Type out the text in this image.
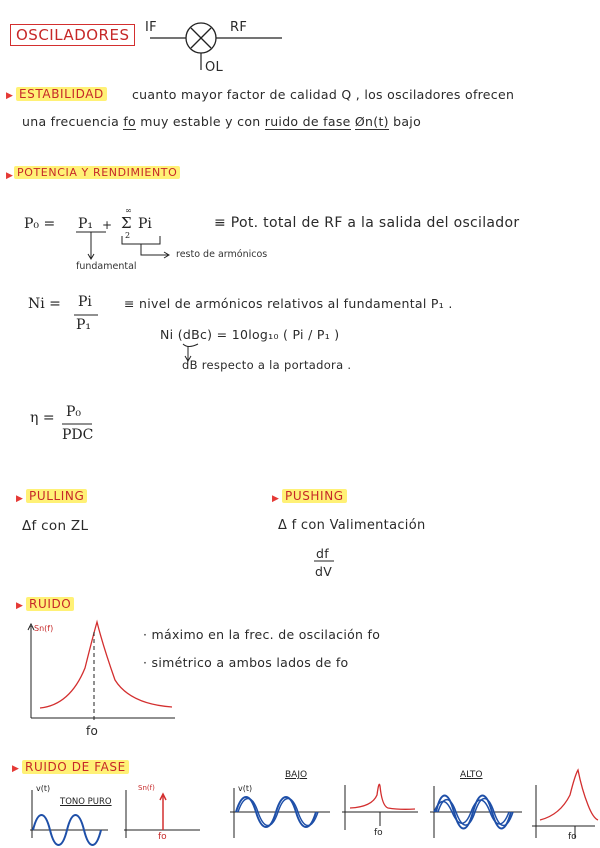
OSCILADORES	IF	RF
OL
▶ ESTABILIDAD cuanto mayor factor de calidad Q , los osciladores ofrecen
una frecuencia fo muy estable y con ruido de fase Øn(t) bajo
▶ POTENCIA Y RENDIMIENTO
P₀ = P₁ +
∞
Σ
2
Pi	≡ Pot. total de RF a la salida del oscilador
fundamental
resto de armónicos
Ni = Pi
P₁
≡ nivel de armónicos relativos al fundamental P₁ .
Ni (dBc) = 10log₁₀ ( Pi / P₁ )
dB respecto a la portadora .
η = P₀
PDC
▶ PULLING
Δf con ZL
▶ PUSHING
Δ f con Valimentación
df
dV
▶ RUIDO
Sn(f)
fo
· máximo en la frec. de oscilación fo
· simétrico a ambos lados de fo
▶ RUIDO DE FASE
v(t)
TONO PURO
Sn(f)
fo
BAJO
v(t)
fo
ALTO
fo
